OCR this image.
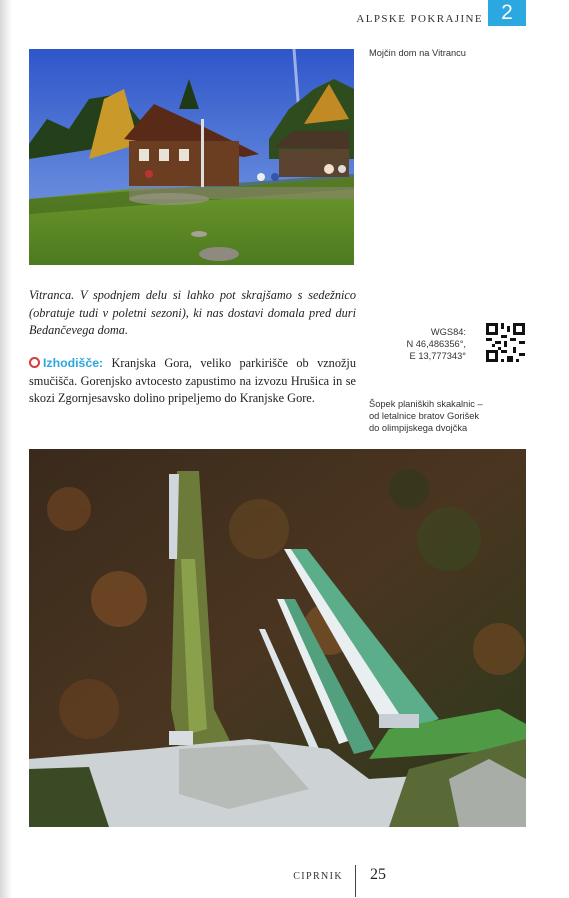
ALPSKE POKRAJINE 2
Mojčin dom na Vitrancu
Vitranca. V spodnjem delu si lahko pot skrajšamo s sedežnico (obratuje tudi v poletni sezoni), ki nas dostavi domala pred duri Bedančevega doma.
Izhodišče: Kranjska Gora, veliko parkirišče ob vznožju smučišča. Gorenjsko avtocesto zapustimo na izvozu Hrušica in se skozi Zgornjesavsko dolino pripeljemo do Kranjske Gore.
WGS84:
N 46,486356°,
E 13,777343°
Šopek planiških skakalnic –
od letalnice bratov Gorišek
do olimpijskega dvojčka
CIPRNIK 25
